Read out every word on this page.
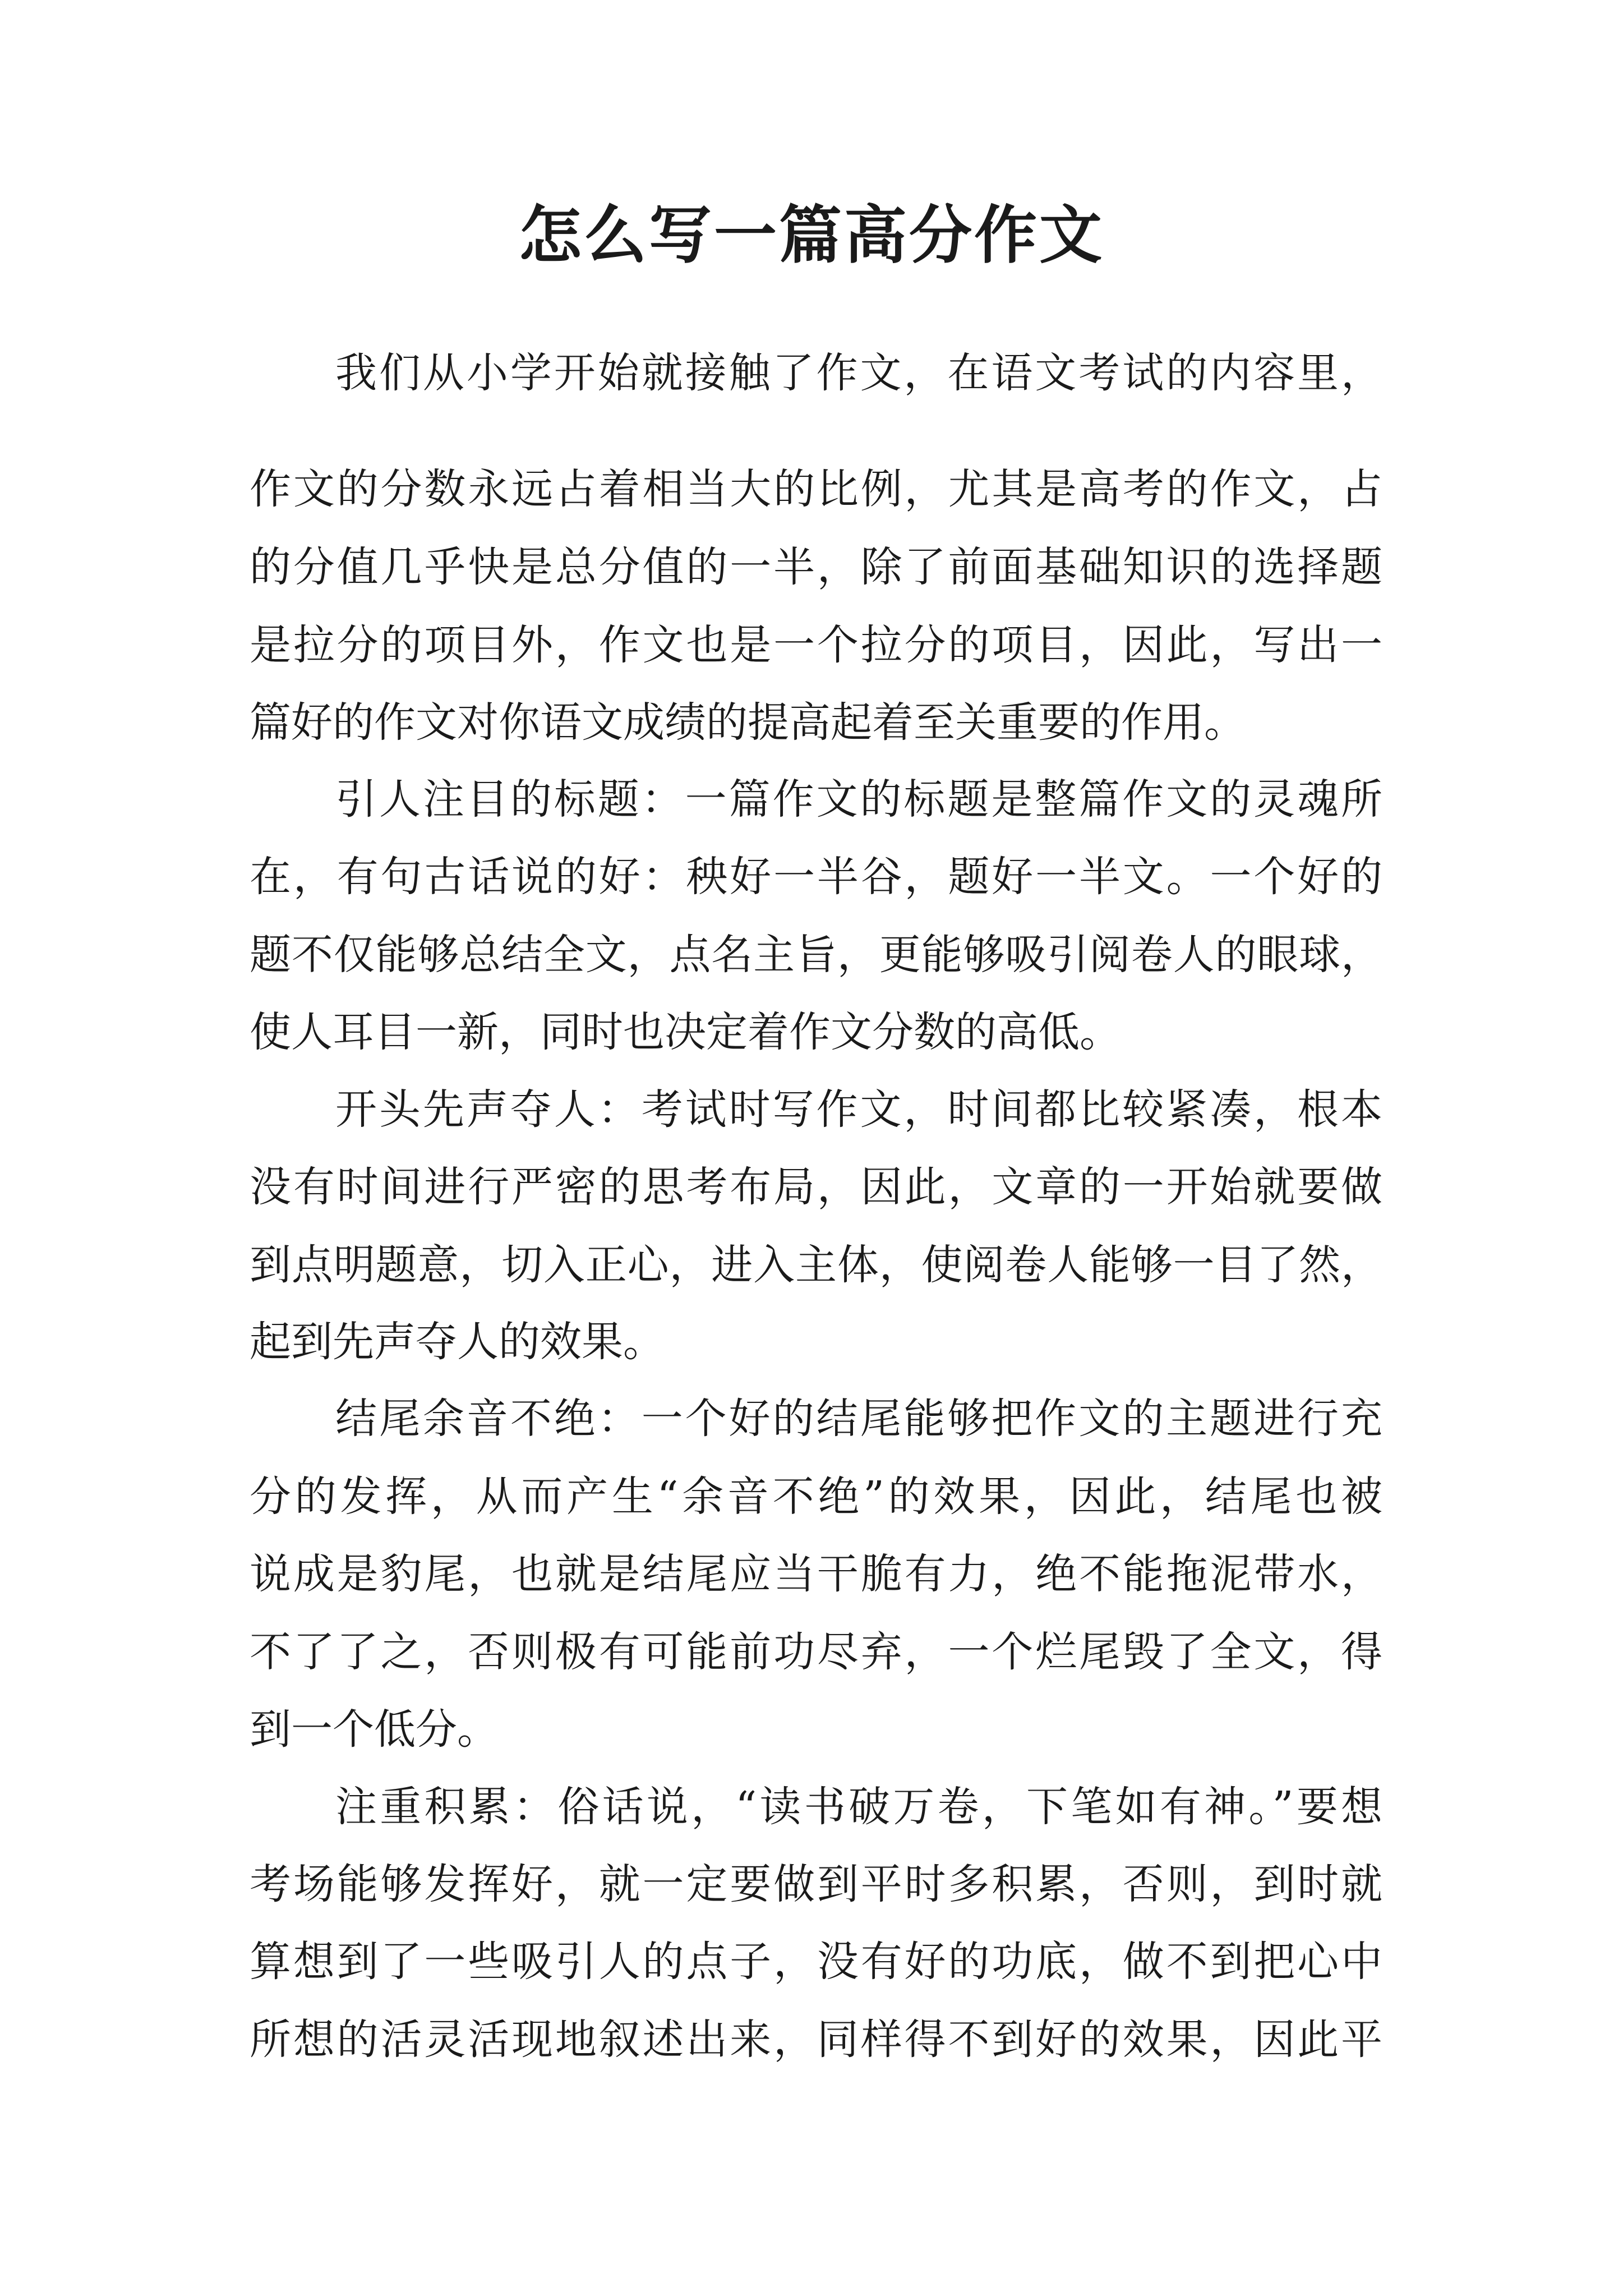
怎么写一篇高分作文
我们从小学开始就接触了作文，在语文考试的内容里，
作文的分数永远占着相当大的比例，尤其是高考的作文，占
的分值几乎快是总分值的一半，除了前面基础知识的选择题
是拉分的项目外，作文也是一个拉分的项目，因此，写出一
篇好的作文对你语文成绩的提高起着至关重要的作用。
引人注目的标题：一篇作文的标题是整篇作文的灵魂所
在，有句古话说的好：秧好一半谷，题好一半文。一个好的
题不仅能够总结全文，点名主旨，更能够吸引阅卷人的眼球，
使人耳目一新，同时也决定着作文分数的高低。
开头先声夺人：考试时写作文，时间都比较紧凑，根本
没有时间进行严密的思考布局，因此，文章的一开始就要做
到点明题意，切入正心，进入主体，使阅卷人能够一目了然，
起到先声夺人的效果。
结尾余音不绝：一个好的结尾能够把作文的主题进行充
分的发挥，从而产生“余音不绝”的效果，因此，结尾也被
说成是豹尾，也就是结尾应当干脆有力，绝不能拖泥带水，
不了了之，否则极有可能前功尽弃，一个烂尾毁了全文，得
到一个低分。
注重积累：俗话说，“读书破万卷，下笔如有神。”要想
考场能够发挥好，就一定要做到平时多积累，否则，到时就
算想到了一些吸引人的点子，没有好的功底，做不到把心中
所想的活灵活现地叙述出来，同样得不到好的效果，因此平
